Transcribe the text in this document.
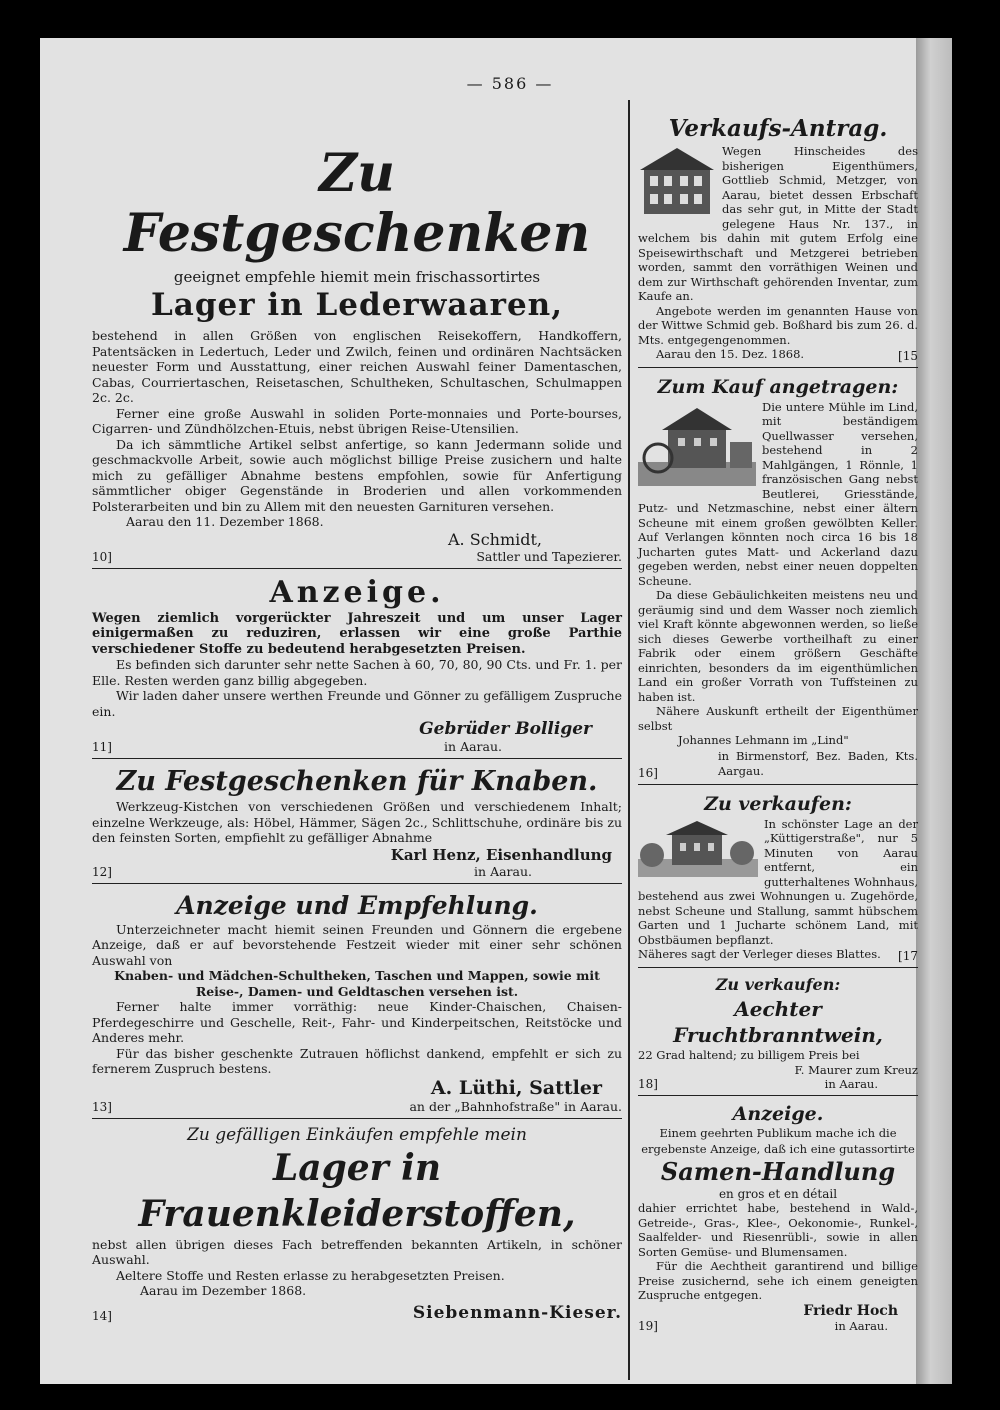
— 586 —
Zu Festgeschenken
geeignet empfehle hiemit mein frischassortirtes
Lager in Lederwaaren,
bestehend in allen Größen von englischen Reisekoffern, Handkoffern, Patentsäcken in Ledertuch, Leder und Zwilch, feinen und ordinären Nachtsäcken neuester Form und Ausstattung, einer reichen Auswahl feiner Damentaschen, Cabas, Courriertaschen, Reisetaschen, Schultheken, Schultaschen, Schulmappen 2c. 2c.
Ferner eine große Auswahl in soliden Porte-monnaies und Porte-bourses, Cigarren- und Zündhölzchen-Etuis, nebst übrigen Reise-Utensilien.
Da ich sämmtliche Artikel selbst anfertige, so kann Jedermann solide und geschmackvolle Arbeit, sowie auch möglichst billige Preise zusichern und halte mich zu gefälliger Abnahme bestens empfohlen, sowie für Anfertigung sämmtlicher obiger Gegenstände in Broderien und allen vorkommenden Polsterarbeiten und bin zu Allem mit den neuesten Garnituren versehen.
Aarau den 11. Dezember 1868.
A. Schmidt,
10]	Sattler und Tapezierer.
Anzeige.
Wegen ziemlich vorgerückter Jahreszeit und um unser Lager einigermaßen zu reduziren, erlassen wir eine große Parthie verschiedener Stoffe zu bedeutend herabgesetzten Preisen.
Es befinden sich darunter sehr nette Sachen à 60, 70, 80, 90 Cts. und Fr. 1. per Elle. Resten werden ganz billig abgegeben.
Wir laden daher unsere werthen Freunde und Gönner zu gefälligem Zuspruche ein.
Gebrüder Bolliger
11]	in Aarau.
Zu Festgeschenken für Knaben.
Werkzeug-Kistchen von verschiedenen Größen und verschiedenem Inhalt; einzelne Werkzeuge, als: Höbel, Hämmer, Sägen 2c., Schlittschuhe, ordinäre bis zu den feinsten Sorten, empfiehlt zu gefälliger Abnahme
Karl Henz, Eisenhandlung
12]	in Aarau.
Anzeige und Empfehlung.
Unterzeichneter macht hiemit seinen Freunden und Gönnern die ergebene Anzeige, daß er auf bevorstehende Festzeit wieder mit einer sehr schönen Auswahl von
Knaben- und Mädchen-Schultheken, Taschen und Mappen, sowie mit Reise-, Damen- und Geldtaschen versehen ist.
Ferner halte immer vorräthig: neue Kinder-Chaischen, Chaisen-Pferdegeschirre und Geschelle, Reit-, Fahr- und Kinderpeitschen, Reitstöcke und Anderes mehr.
Für das bisher geschenkte Zutrauen höflichst dankend, empfehlt er sich zu fernerem Zuspruch bestens.
A. Lüthi, Sattler
13]	an der „Bahnhofstraße" in Aarau.
Zu gefälligen Einkäufen empfehle mein
Lager in Frauenkleiderstoffen,
nebst allen übrigen dieses Fach betreffenden bekannten Artikeln, in schöner Auswahl.
Aeltere Stoffe und Resten erlasse zu herabgesetzten Preisen.
Aarau im Dezember 1868.
14]	Siebenmann-Kieser.
Verkaufs-Antrag.
Wegen Hinscheides des bisherigen Eigenthümers, Gottlieb Schmid, Metzger, von Aarau, bietet dessen Erbschaft das sehr gut, in Mitte der Stadt gelegene Haus Nr. 137., in welchem bis dahin mit gutem Erfolg eine Speisewirthschaft und Metzgerei betrieben worden, sammt den vorräthigen Weinen und dem zur Wirthschaft gehörenden Inventar, zum Kaufe an.
Angebote werden im genannten Hause von der Wittwe Schmid geb. Boßhard bis zum 26. d. Mts. entgegengenommen.
Aarau den 15. Dez. 1868.	[15
Zum Kauf angetragen:
Die untere Mühle im Lind, mit beständigem Quellwasser versehen, bestehend in 2 Mahlgängen, 1 Rönnle, 1 französischen Gang nebst Beutlerei, Griesstände, Putz- und Netzmaschine, nebst einer ältern Scheune mit einem großen gewölbten Keller. Auf Verlangen könnten noch circa 16 bis 18 Jucharten gutes Matt- und Ackerland dazu gegeben werden, nebst einer neuen doppelten Scheune.
Da diese Gebäulichkeiten meistens neu und geräumig sind und dem Wasser noch ziemlich viel Kraft könnte abgewonnen werden, so ließe sich dieses Gewerbe vortheilhaft zu einer Fabrik oder einem größern Geschäfte einrichten, besonders da im eigenthümlichen Land ein großer Vorrath von Tuffsteinen zu haben ist.
Nähere Auskunft ertheilt der Eigenthümer selbst
Johannes Lehmann im „Lind"
16]
in Birmenstorf, Bez. Baden, Kts. Aargau.
Zu verkaufen:
In schönster Lage an der „Küttigerstraße", nur 5 Minuten von Aarau entfernt, ein gutterhaltenes Wohnhaus, bestehend aus zwei Wohnungen u. Zugehörde, nebst Scheune und Stallung, sammt hübschem Garten und 1 Jucharte schönem Land, mit Obstbäumen bepflanzt.
Näheres sagt der Verleger dieses Blattes. [17
Zu verkaufen:
Aechter Fruchtbranntwein,
22 Grad haltend; zu billigem Preis bei
F. Maurer zum Kreuz
18]	in Aarau.
Anzeige.
Einem geehrten Publikum mache ich die ergebenste Anzeige, daß ich eine gutassortirte
Samen-Handlung
en gros et en détail
dahier errichtet habe, bestehend in Wald-, Getreide-, Gras-, Klee-, Oekonomie-, Runkel-, Saalfelder- und Riesenrübli-, sowie in allen Sorten Gemüse- und Blumensamen.
Für die Aechtheit garantirend und billige Preise zusichernd, sehe ich einem geneigten Zuspruche entgegen.
Friedr Hoch
19]	in Aarau.
